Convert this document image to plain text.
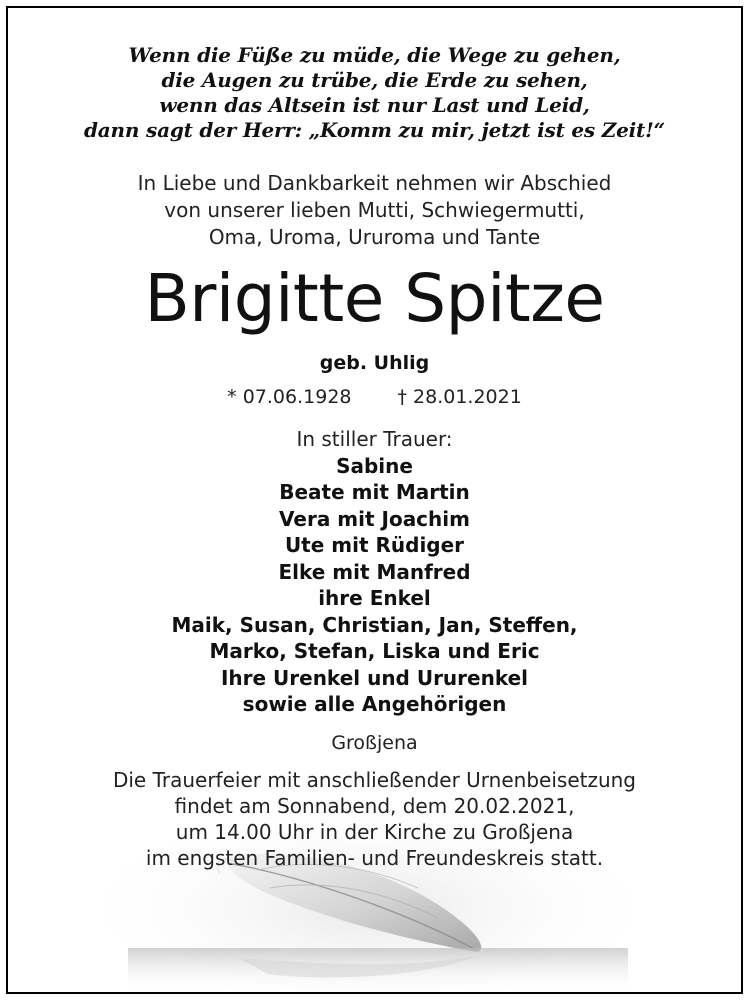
Wenn die Füße zu müde, die Wege zu gehen,
die Augen zu trübe, die Erde zu sehen,
wenn das Altsein ist nur Last und Leid,
dann sagt der Herr: „Komm zu mir, jetzt ist es Zeit!“
In Liebe und Dankbarkeit nehmen wir Abschied
von unserer lieben Mutti, Schwiegermutti,
Oma, Uroma, Ururoma und Tante
Brigitte Spitze
geb. Uhlig
* 07.06.1928 † 28.01.2021
In stiller Trauer:
Sabine
Beate mit Martin
Vera mit Joachim
Ute mit Rüdiger
Elke mit Manfred
ihre Enkel
Maik, Susan, Christian, Jan, Steffen,
Marko, Stefan, Liska und Eric
Ihre Urenkel und Ururenkel
sowie alle Angehörigen
Großjena
Die Trauerfeier mit anschließender Urnenbeisetzung
findet am Sonnabend, dem 20.02.2021,
um 14.00 Uhr in der Kirche zu Großjena
im engsten Familien- und Freundeskreis statt.
